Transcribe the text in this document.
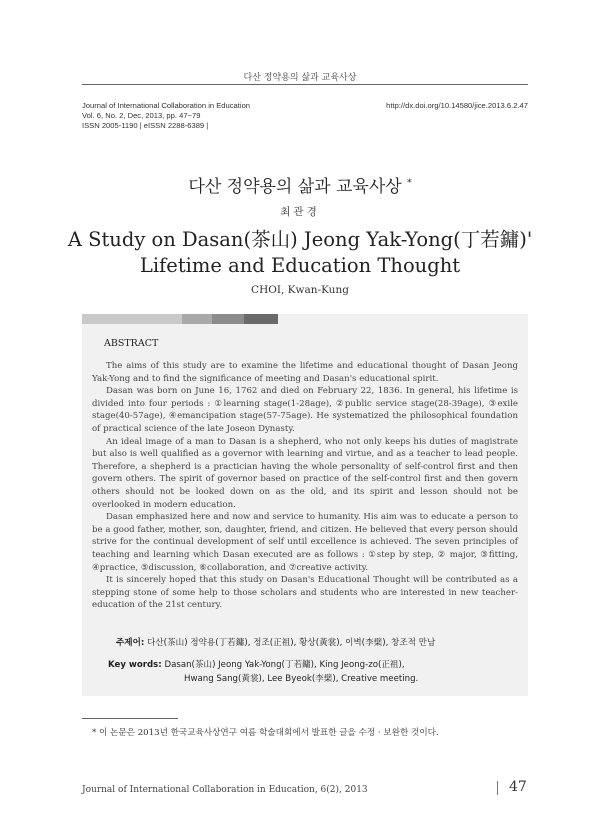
다산 정약용의 삶과 교육사상
Journal of International Collaboration in Education
Vol. 6, No. 2, Dec, 2013, pp. 47~79
ISSN 2005-1190 | eISSN 2288-6389 |
http://dx.doi.org/10.14580/jice.2013.6.2.47
다산 정약용의 삶과 교육사상 *
최관경
A Study on Dasan(茶山) Jeong Yak-Yong(丁若鏞)'
Lifetime and Education Thought
CHOI, Kwan-Kung
ABSTRACT

The aims of this study are to examine the lifetime and educational thought of Dasan Jeong Yak-Yong and to find the significance of meeting and Dasan's educational spirit.

Dasan was born on June 16, 1762 and died on February 22, 1836. In general, his lifetime is divided into four periods : ①learning stage(1-28age), ②public service stage(28-39age), ③exile stage(40-57age), ④emancipation stage(57-75age). He systematized the philosophical foundation of practical science of the late Joseon Dynasty.

An ideal image of a man to Dasan is a shepherd, who not only keeps his duties of magistrate but also is well qualified as a governor with learning and virtue, and as a teacher to lead people. Therefore, a shepherd is a practician having the whole personality of self-control first and then govern others. The spirit of governor based on practice of the self-control first and then govern others should not be looked down on as the old, and its spirit and lesson should not be overlooked in modern education.

Dasan emphasized here and now and service to humanity. His aim was to educate a person to be a good father, mother, son, daughter, friend, and citizen. He believed that every person should strive for the continual development of self until excellence is achieved. The seven principles of teaching and learning which Dasan executed are as follows : ①step by step, ② major, ③fitting, ④practice, ⑤discussion, ⑥collaboration, and ⑦creative activity.

It is sincerely hoped that this study on Dasan's Educational Thought will be contributed as a stepping stone of some help to those scholars and students who are interested in new teacher-education of the 21st century.

주제어: 다산(茶山) 정약용(丁若鏞), 정조(正祖), 황상(黃裳), 이벽(李檗), 창조적 만남
Key words: Dasan(茶山) Jeong Yak-Yong(丁若鏞), King Jeong-zo(正祖),
Hwang Sang(黃裳), Lee Byeok(李檗), Creative meeting.
* 이 논문은 2013년 한국교육사상연구 여름 학술대회에서 발표한 글을 수정 · 보완한 것이다.
Journal of International Collaboration in Education, 6(2), 2013	47
